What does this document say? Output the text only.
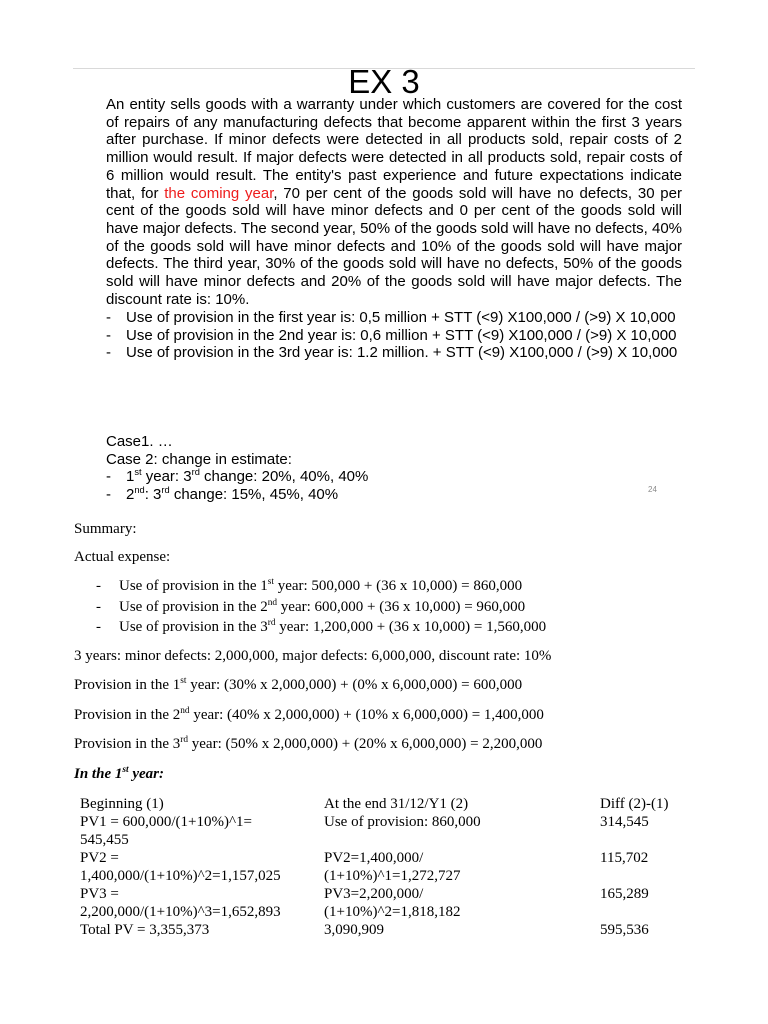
EX 3

An entity sells goods with a warranty under which customers are covered for the cost of repairs of any manufacturing defects that become apparent within the first 3 years after purchase. If minor defects were detected in all products sold, repair costs of 2 million would result. If major defects were detected in all products sold, repair costs of 6 million would result. The entity's past experience and future expectations indicate that, for the coming year, 70 per cent of the goods sold will have no defects, 30 per cent of the goods sold will have minor defects and 0 per cent of the goods sold will have major defects. The second year, 50% of the goods sold will have no defects, 40% of the goods sold will have minor defects and 10% of the goods sold will have major defects. The third year, 30% of the goods sold will have no defects, 50% of the goods sold will have minor defects and 20% of the goods sold will have major defects. The discount rate is: 10%.

- Use of provision in the first year is: 0,5 million + STT (<9) X100,000 / (>9) X 10,000
- Use of provision in the 2nd year is: 0,6 million + STT (<9) X100,000 / (>9) X 10,000
- Use of provision in the 3rd year is: 1.2 million. + STT (<9) X100,000 / (>9) X 10,000

Case1. …

Case 2: change in estimate:

- 1st year: 3rd change: 20%, 40%, 40%
- 2nd: 3rd change: 15%, 45%, 40%	24

Summary:

Actual expense:

- Use of provision in the 1st year: 500,000 + (36 x 10,000) = 860,000
- Use of provision in the 2nd year: 600,000 + (36 x 10,000) = 960,000
- Use of provision in the 3rd year: 1,200,000 + (36 x 10,000) = 1,560,000

3 years: minor defects: 2,000,000, major defects: 6,000,000, discount rate: 10%

Provision in the 1st year: (30% x 2,000,000) + (0% x 6,000,000) = 600,000

Provision in the 2nd year: (40% x 2,000,000) + (10% x 6,000,000) = 1,400,000

Provision in the 3rd year: (50% x 2,000,000) + (20% x 6,000,000) = 2,200,000

In the 1st year:

Beginning (1)
PV1 = 600,000/(1+10%)^1=
545,455
PV2 =
1,400,000/(1+10%)^2=1,157,025
PV3 =
2,200,000/(1+10%)^3=1,652,893
Total PV = 3,355,373
At the end 31/12/Y1 (2)
Use of provision: 860,000
PV2=1,400,000/
(1+10%)^1=1,272,727
PV3=2,200,000/
(1+10%)^2=1,818,182
3,090,909
Diff (2)-(1)
314,545
115,702
165,289
595,536
